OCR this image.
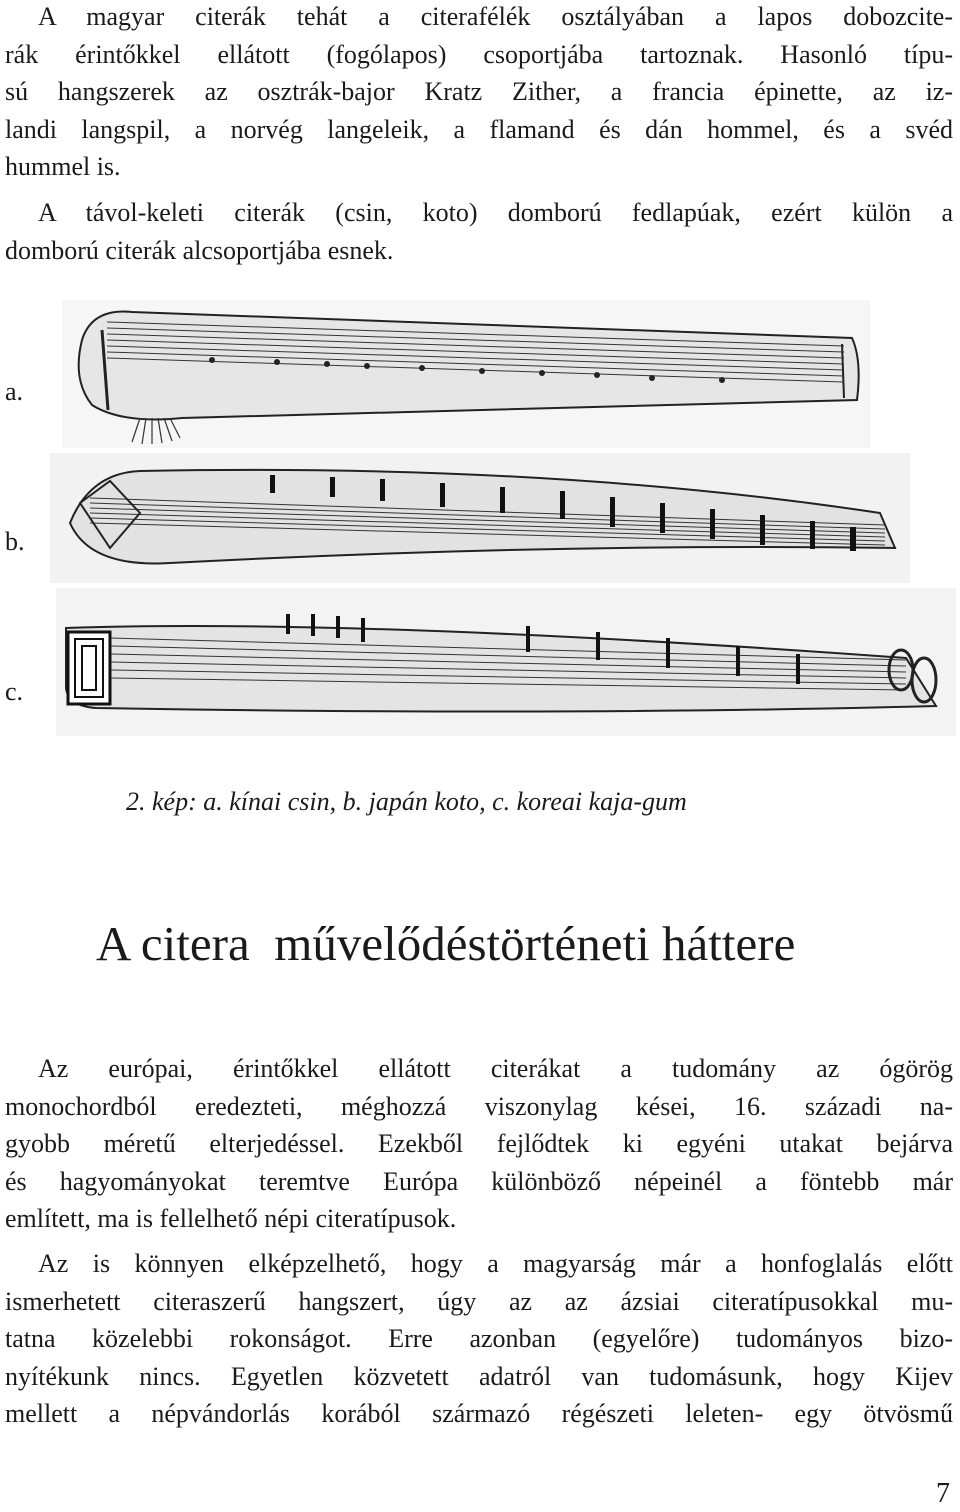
A magyar citerák tehát a citerafélék osztályában a lapos dobozcite-
rák érintőkkel ellátott (fogólapos) csoportjába tartoznak. Hasonló típu-
sú hangszerek az osztrák-bajor Kratz Zither, a francia épinette, az iz-
landi langspil, a norvég langeleik, a flamand és dán hommel, és a svéd
hummel is.
A távol-keleti citerák (csin, koto) domború fedlapúak, ezért külön a
domború citerák alcsoportjába esnek.
a.
b.
c.
2. kép: a. kínai csin, b. japán koto, c. koreai kaja-gum
A citera  művelődéstörténeti háttere
Az európai, érintőkkel ellátott citerákat a tudomány az ógörög
monochordból eredezteti, méghozzá viszonylag kései, 16. századi na-
gyobb méretű elterjedéssel. Ezekből fejlődtek ki egyéni utakat bejárva
és hagyományokat teremtve Európa különböző népeinél a föntebb már
említett, ma is fellelhető népi citeratípusok.
Az is könnyen elképzelhető, hogy a magyarság már a honfoglalás előtt
ismerhetett citeraszerű hangszert, úgy az az ázsiai citeratípusokkal mu-
tatna közelebbi rokonságot. Erre azonban (egyelőre) tudományos bizo-
nyítékunk nincs. Egyetlen közvetett adatról van tudomásunk, hogy Kijev
mellett a népvándorlás korából származó régészeti leleten- egy ötvösmű
7
